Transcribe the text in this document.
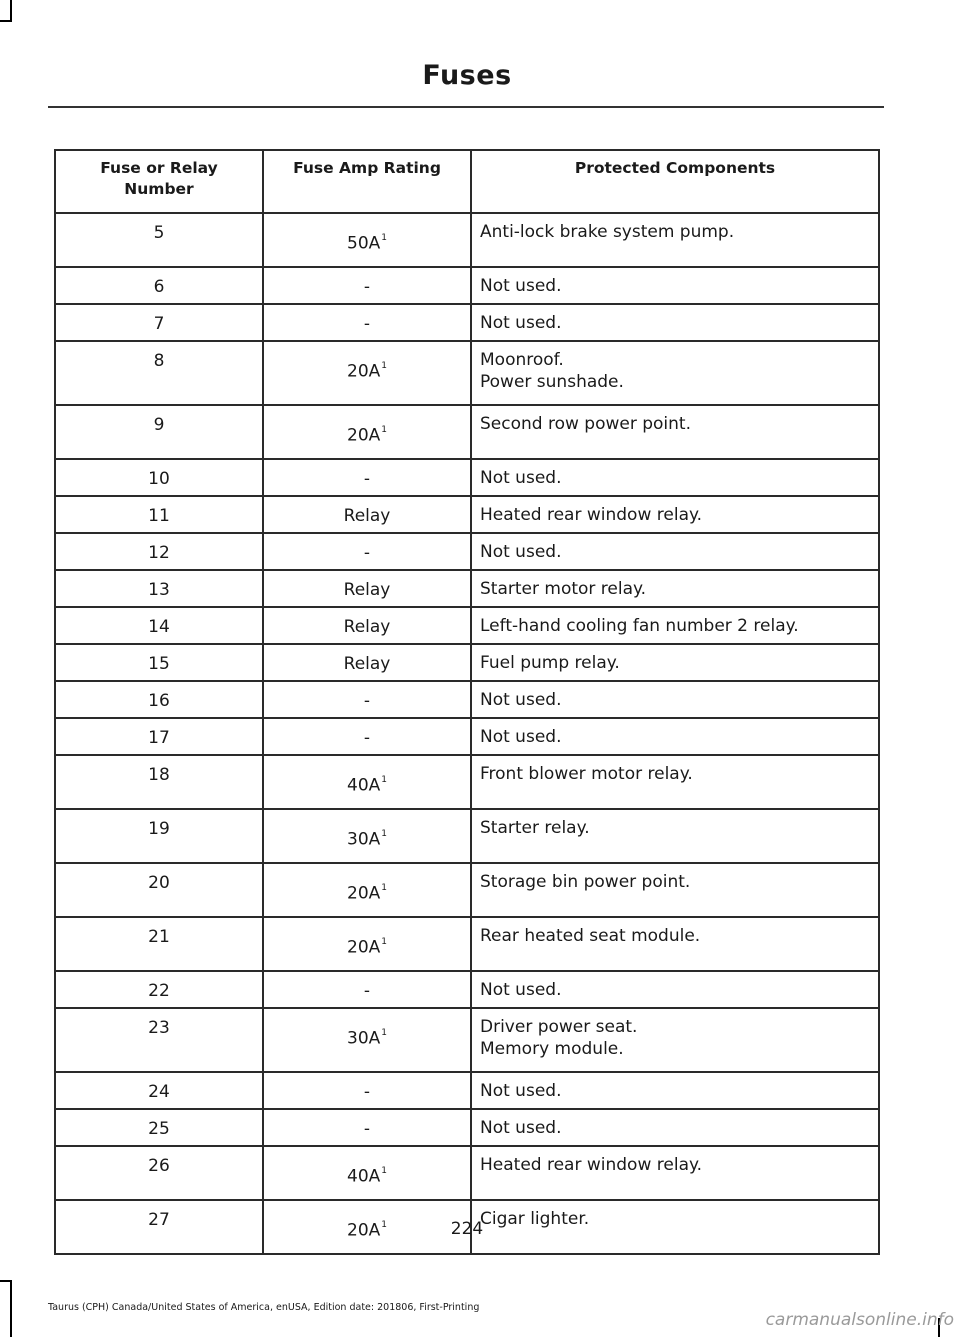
Fuses
Fuse or Relay Number	Fuse Amp Rating	Protected Components
5	$50A^1$	Anti-lock brake system pump.

6	-	Not used.

7	-	Not used.

8	$20A^1$	Moonroof.
Power sunshade.

9	$20A^1$	Second row power point.

10	-	Not used.

11	Relay	Heated rear window relay.

12	-	Not used.

13	Relay	Starter motor relay.

14	Relay	Left-hand cooling fan number 2 relay.

15	Relay	Fuel pump relay.

16	-	Not used.

17	-	Not used.

18	$40A^1$	Front blower motor relay.

19	$30A^1$	Starter relay.

20	$20A^1$	Storage bin power point.

21	$20A^1$	Rear heated seat module.

22	-	Not used.

23	$30A^1$	Driver power seat.
Memory module.

24	-	Not used.

25	-	Not used.

26	$40A^1$	Heated rear window relay.

27	$20A^1$	Cigar lighter.
224
Taurus (CPH) Canada/United States of America, enUSA, Edition date: 201806, First-Printing
carmanualsonline.info
